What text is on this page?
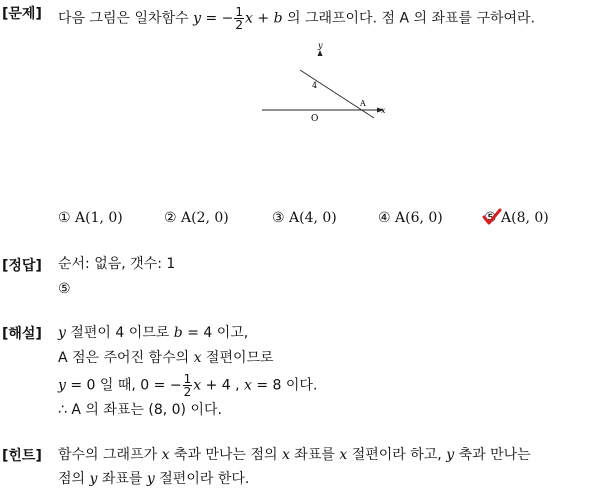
[문제] 다음 그림은 일차함수 y = − $\frac{1}{2}$ x + b 의 그래프이다. 점 A 의 좌표를 구하여라.
y
x
O
4
A
① A(1, 0)	② A(2, 0)	③ A(4, 0)	④ A(6, 0)	⑤ A(8, 0)
[정답] 순서: 없음, 갯수: 1
⑤
[해설] y 절편이 4 이므로 b = 4 이고,
A 점은 주어진 함수의 x 절편이므로
y = 0 일 때, 0 = − $\frac{1}{2}$ x + 4 , x = 8 이다.
∴ A 의 좌표는 (8, 0) 이다.
[힌트] 함수의 그래프가 x 축과 만나는 점의 x 좌표를 x 절편이라 하고, y 축과 만나는
점의 y 좌표를 y 절편이라 한다.
